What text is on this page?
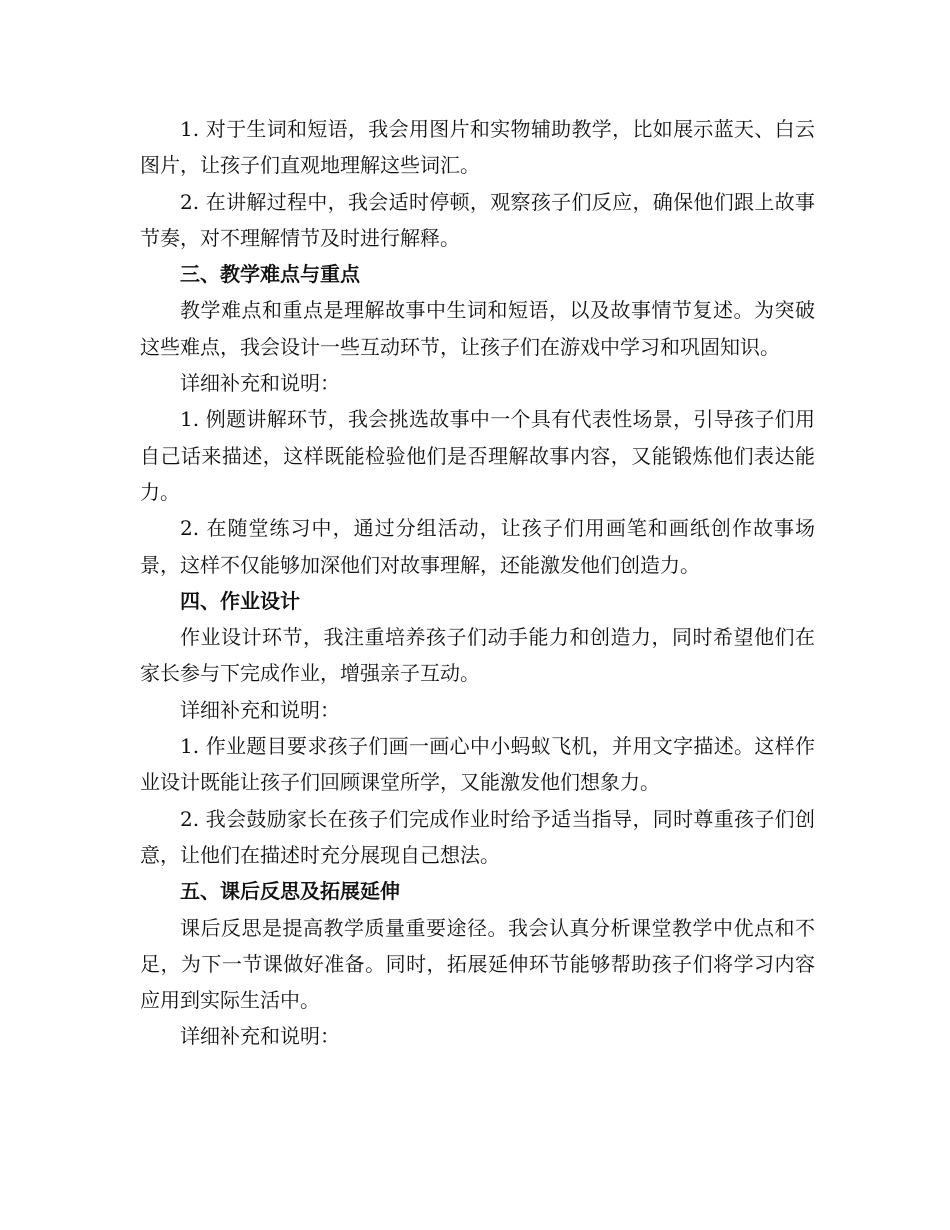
1. 对于生词和短语，我会用图片和实物辅助教学，比如展示蓝天、白云图片，让孩子们直观地理解这些词汇。

2. 在讲解过程中，我会适时停顿，观察孩子们反应，确保他们跟上故事节奏，对不理解情节及时进行解释。

三、教学难点与重点

教学难点和重点是理解故事中生词和短语，以及故事情节复述。为突破这些难点，我会设计一些互动环节，让孩子们在游戏中学习和巩固知识。

详细补充和说明：

1. 例题讲解环节，我会挑选故事中一个具有代表性场景，引导孩子们用自己话来描述，这样既能检验他们是否理解故事内容，又能锻炼他们表达能力。

2. 在随堂练习中，通过分组活动，让孩子们用画笔和画纸创作故事场景，这样不仅能够加深他们对故事理解，还能激发他们创造力。

四、作业设计

作业设计环节，我注重培养孩子们动手能力和创造力，同时希望他们在家长参与下完成作业，增强亲子互动。

详细补充和说明：

1. 作业题目要求孩子们画一画心中小蚂蚁飞机，并用文字描述。这样作业设计既能让孩子们回顾课堂所学，又能激发他们想象力。

2. 我会鼓励家长在孩子们完成作业时给予适当指导，同时尊重孩子们创意，让他们在描述时充分展现自己想法。

五、课后反思及拓展延伸

课后反思是提高教学质量重要途径。我会认真分析课堂教学中优点和不足，为下一节课做好准备。同时，拓展延伸环节能够帮助孩子们将学习内容应用到实际生活中。

详细补充和说明：
